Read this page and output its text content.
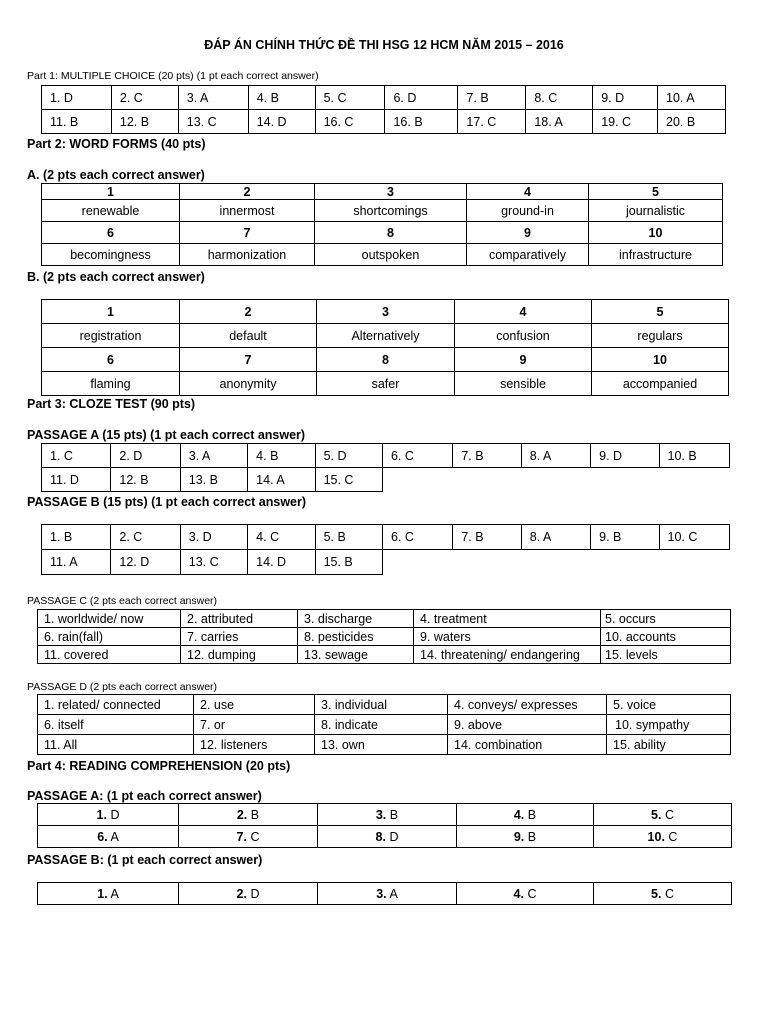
ĐÁP ÁN CHÍNH THỨC ĐỀ THI HSG 12 HCM NĂM 2015 – 2016
Part 1: MULTIPLE CHOICE (20 pts) (1 pt each correct answer)
1. D	2. C	3. A	4. B	5. C	6. D	7. B	8. C	9. D	10. A
11. B	12. B	13. C	14. D	16. C	16. B	17. C	18. A	19. C	20. B
Part 2: WORD FORMS (40 pts)
A. (2 pts each correct answer)
1	2	3	4	5
renewable	innermost	shortcomings	ground-in	journalistic
6	7	8	9	10
becomingness	harmonization	outspoken	comparatively	infrastructure
B. (2 pts each correct answer)
1	2	3	4	5
registration	default	Alternatively	confusion	regulars
6	7	8	9	10
flaming	anonymity	safer	sensible	accompanied
Part 3: CLOZE TEST (90 pts)
PASSAGE A (15 pts) (1 pt each correct answer)
1. C	2. D	3. A	4. B	5. D	6. C	7. B	8. A	9. D	10. B
11. D	12. B	13. B	14. A	15. C					
PASSAGE B (15 pts) (1 pt each correct answer)
1. B	2. C	3. D	4. C	5. B	6. C	7. B	8. A	9. B	10. C
11. A	12. D	13. C	14. D	15. B					
PASSAGE C (2 pts each correct answer)
1. worldwide/ now	2. attributed	3. discharge	4. treatment	5. occurs
6. rain(fall)	7. carries	8. pesticides	9. waters	10. accounts
11. covered	12. dumping	13. sewage	14. threatening/ endangering	15. levels
PASSAGE D (2 pts each correct answer)
1. related/ connected	2. use	3. individual	4. conveys/ expresses	5. voice
6. itself	7. or	8. indicate	9. above	10. sympathy
11. All	12. listeners	13. own	14. combination	15. ability
Part 4: READING COMPREHENSION (20 pts)
PASSAGE A: (1 pt each correct answer)
1. D	2. B	3. B	4. B	5. C
6. A	7. C	8. D	9. B	10. C
PASSAGE B: (1 pt each correct answer)
1. A	2. D	3. A	4. C	5. C
